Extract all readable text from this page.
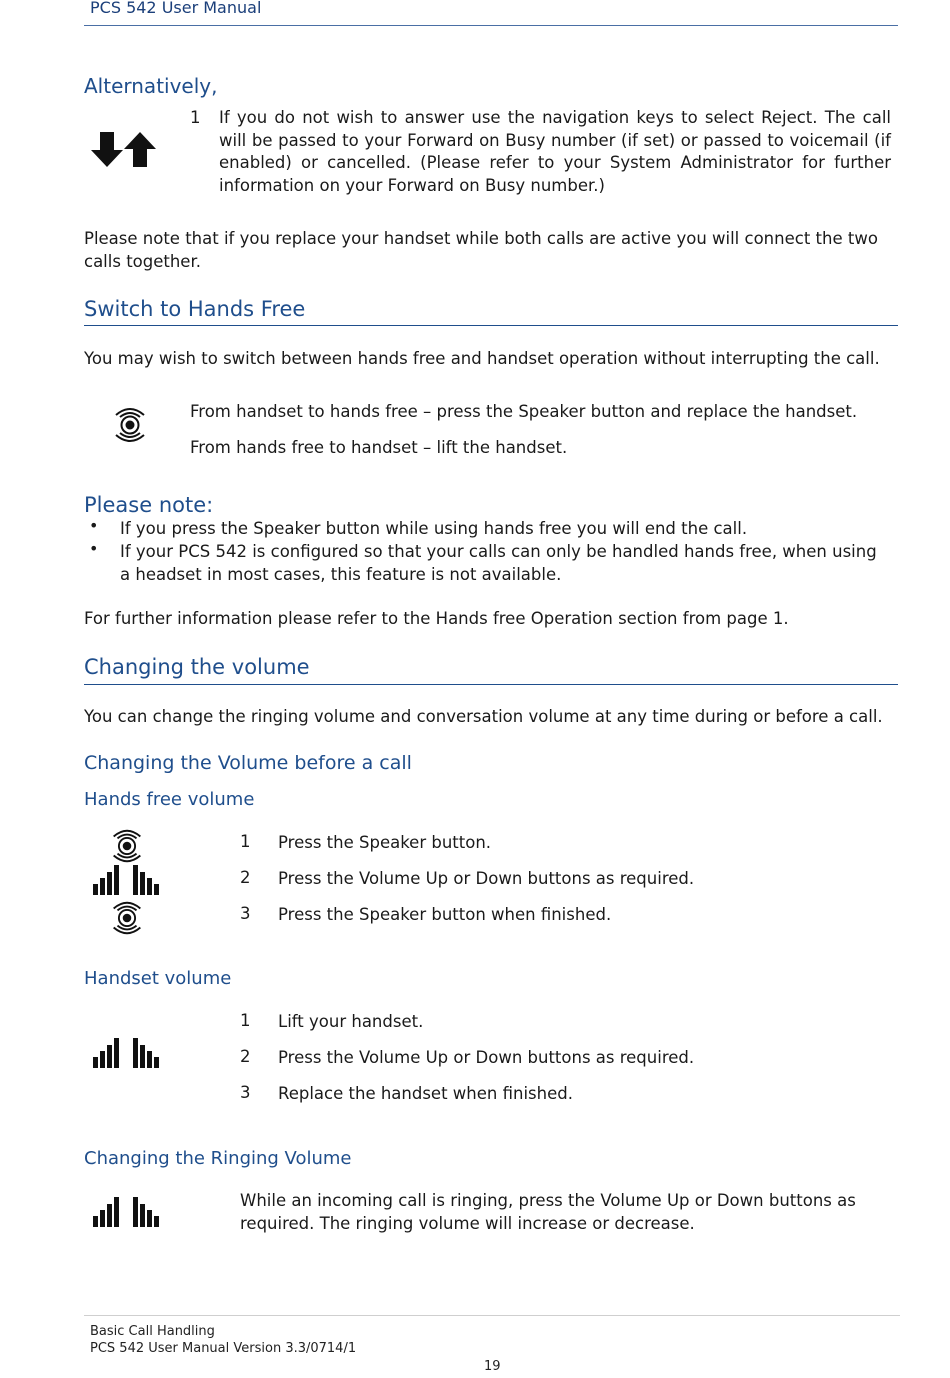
PCS 542 User Manual
Alternatively,
1 If you do not wish to answer use the navigation keys to select Reject. The call will be passed to your Forward on Busy number (if set) or passed to voicemail (if enabled) or cancelled. (Please refer to your System Administrator for further information on your Forward on Busy number.)
Please note that if you replace your handset while both calls are active you will connect the two calls together.
Switch to Hands Free
You may wish to switch between hands free and handset operation without interrupting the call.
From handset to hands free – press the Speaker button and replace the handset.
From hands free to handset – lift the handset.
Please note:
• If you press the Speaker button while using hands free you will end the call.
• If your PCS 542 is configured so that your calls can only be handled hands free, when using a headset in most cases, this feature is not available.
For further information please refer to the Hands free Operation section from page 1.
Changing the volume
You can change the ringing volume and conversation volume at any time during or before a call.
Changing the Volume before a call
Hands free volume
1 Press the Speaker button.
2 Press the Volume Up or Down buttons as required.
3 Press the Speaker button when finished.
Handset volume
1 Lift your handset.
2 Press the Volume Up or Down buttons as required.
3 Replace the handset when finished.
Changing the Ringing Volume
While an incoming call is ringing, press the Volume Up or Down buttons as required. The ringing volume will increase or decrease.
Basic Call Handling
PCS 542 User Manual Version 3.3/0714/1
19
